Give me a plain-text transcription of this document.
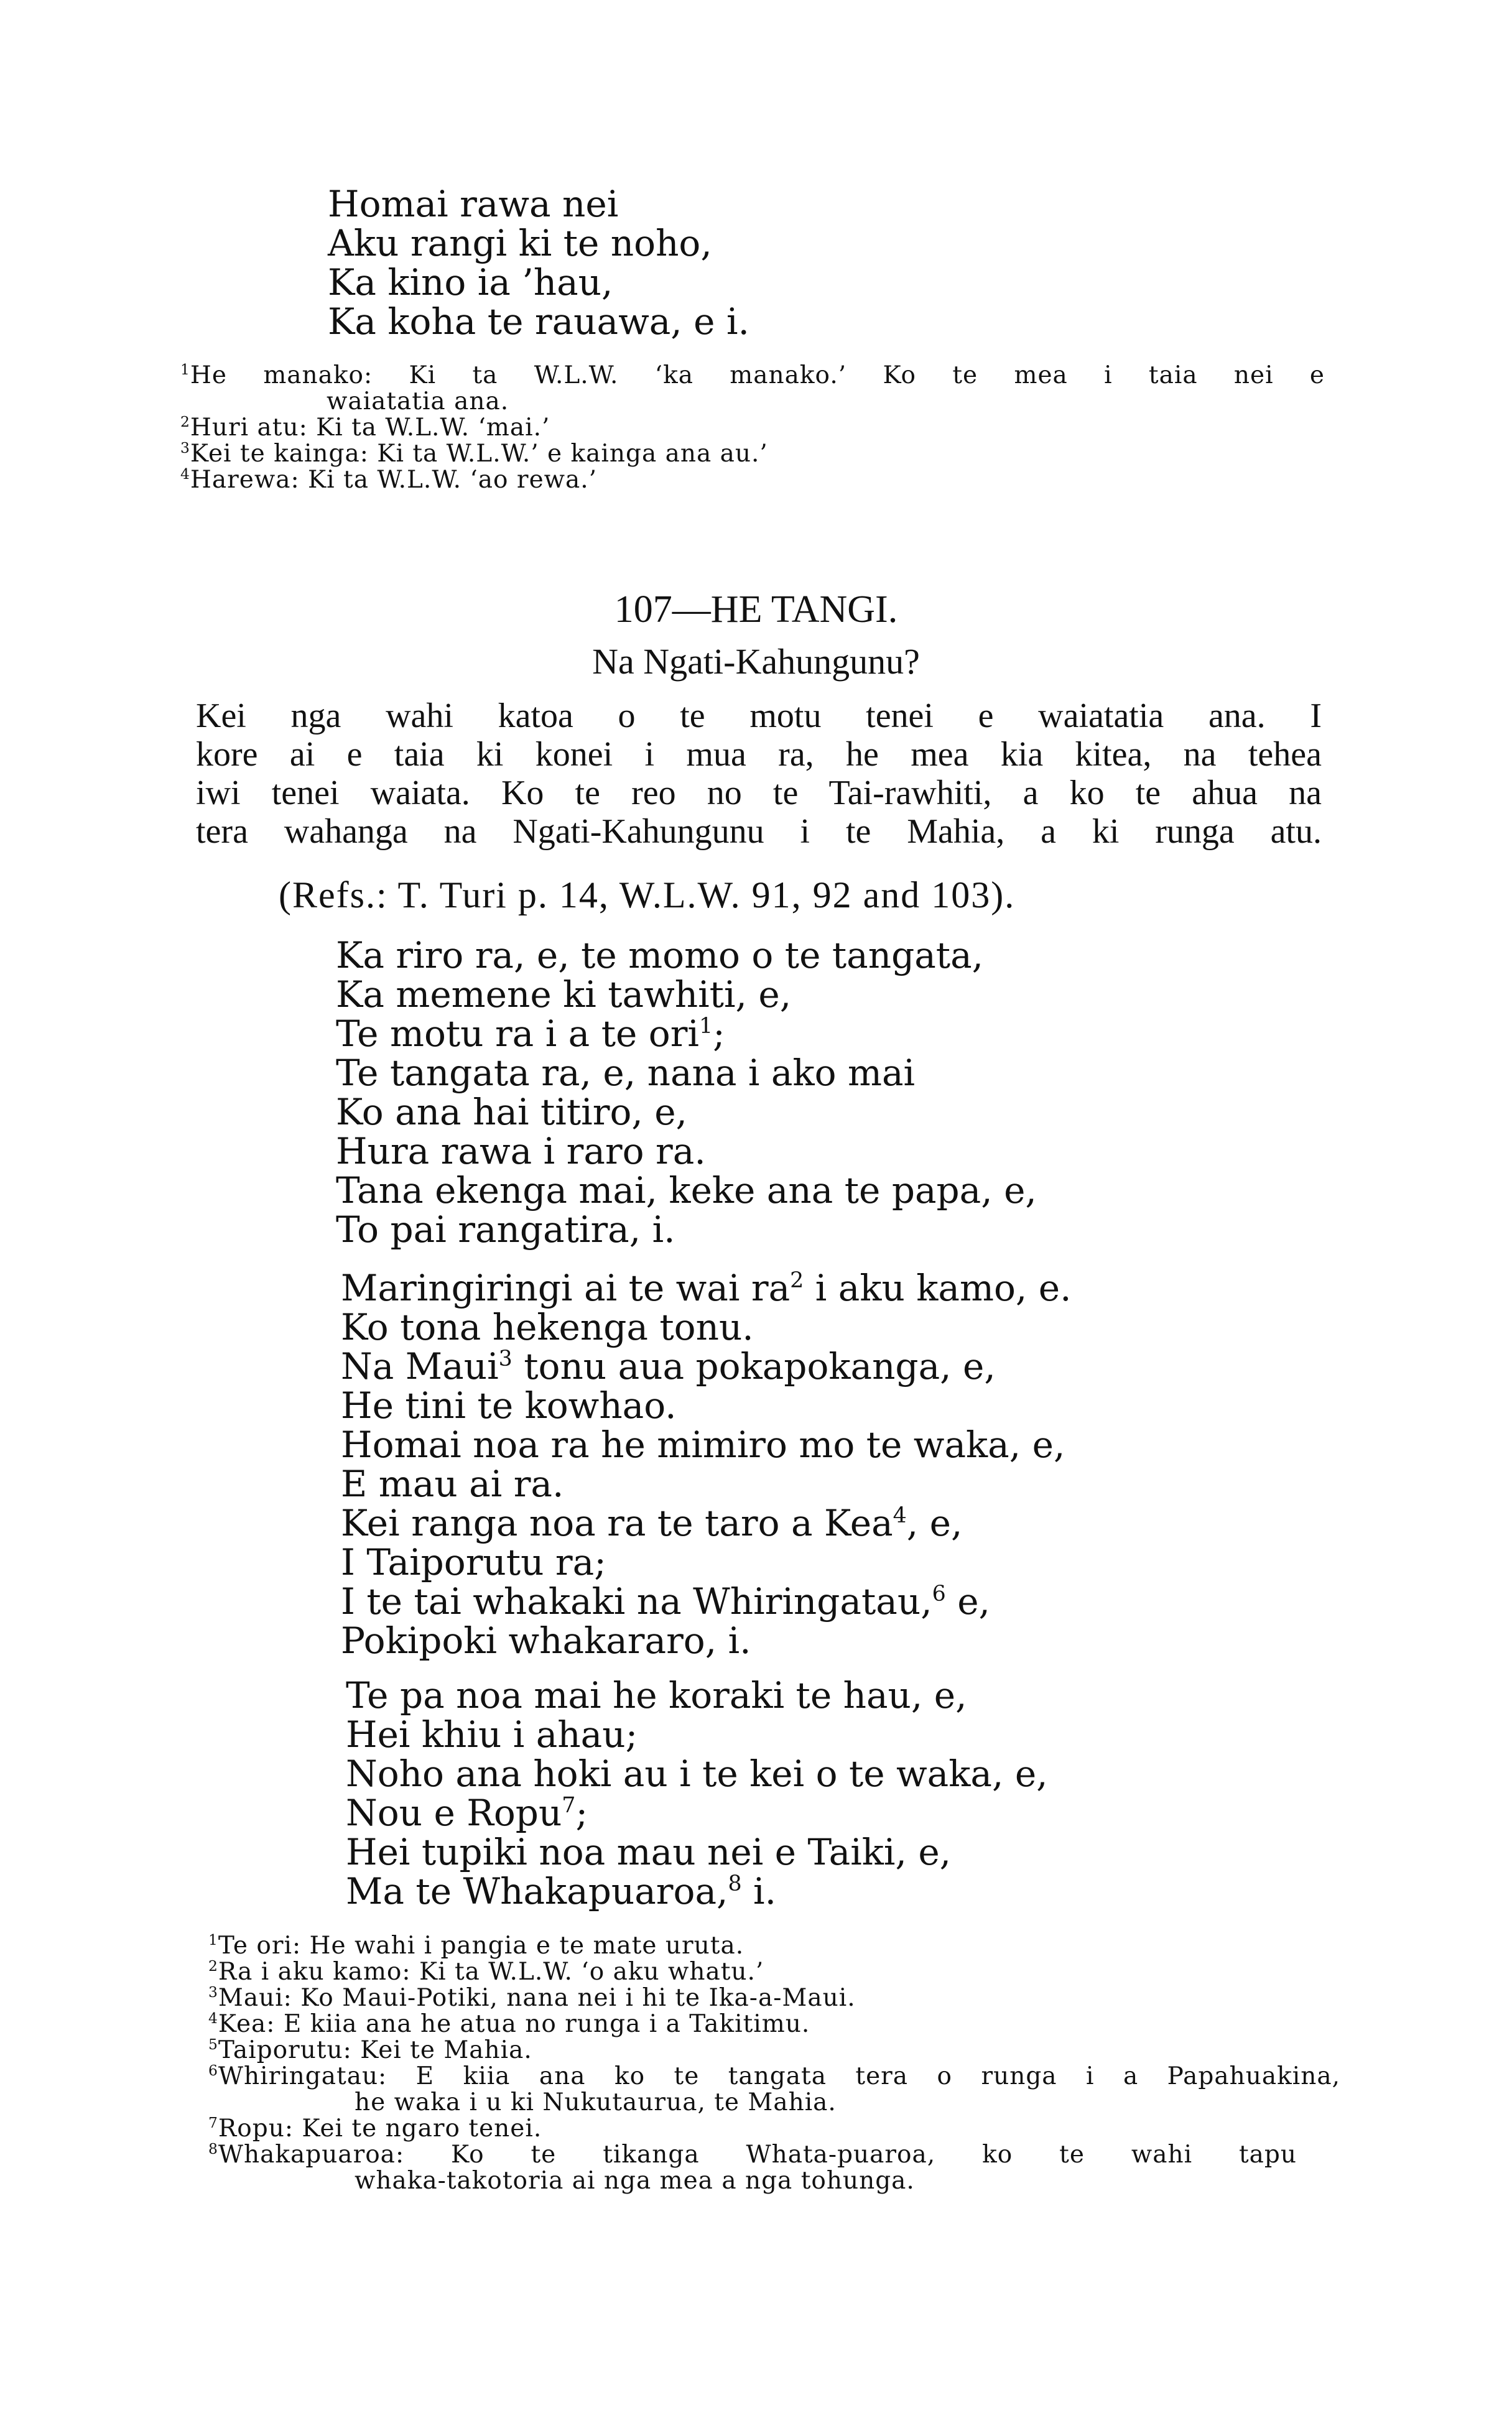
Homai rawa nei
Aku rangi ki te noho,
Ka kino ia ’hau,
Ka koha te rauawa, e i.
$^1$He manako: Ki ta W.L.W. ‘ka manako.’ Ko te mea i taia nei e
waiatatia ana.
$^2$Huri atu: Ki ta W.L.W. ‘mai.’
$^3$Kei te kainga: Ki ta W.L.W.’ e kainga ana au.’
$^4$Harewa: Ki ta W.L.W. ‘ao rewa.’
107—HE TANGI.
Na Ngati-Kahungunu?
Kei nga wahi katoa o te motu tenei e waiatatia ana. I
kore ai e taia ki konei i mua ra, he mea kia kitea, na tehea
iwi tenei waiata. Ko te reo no te Tai-rawhiti, a ko te ahua na
tera wahanga na Ngati-Kahungunu i te Mahia, a ki runga atu.
(Refs.: T. Turi p. 14, W.L.W. 91, 92 and 103).
Ka riro ra, e, te momo o te tangata,
Ka memene ki tawhiti, e,
Te motu ra i a te ori$^1$;
Te tangata ra, e, nana i ako mai
Ko ana hai titiro, e,
Hura rawa i raro ra.
Tana ekenga mai, keke ana te papa, e,
To pai rangatira, i.
Maringiringi ai te wai $ra^2$ i aku kamo, e.
Ko tona hekenga tonu.
Na Maui$^3$ tonu aua pokapokanga, e,
He tini te kowhao.
Homai noa ra he mimiro mo te waka, e,
E mau ai ra.
Kei ranga noa ra te taro a Kea$^4$, e,
I Taiporutu ra;
I te tai whakaki na Whiringatau,$^6$ e,
Pokipoki whakararo, i.
Te pa noa mai he koraki te hau, e,
Hei khiu i ahau;
Noho ana hoki au i te kei o te waka, e,
Nou e Ropu$^7$;
Hei tupiki noa mau nei e Taiki, e,
Ma te Whakapuaroa,$^8$ i.
$^1$Te ori: He wahi i pangia e te mate uruta.
$^2$Ra i aku kamo: Ki ta W.L.W. ‘o aku whatu.’
$^3$Maui: Ko Maui-Potiki, nana nei i hi te Ika-a-Maui.
$^4$Kea: E kiia ana he atua no runga i a Takitimu.
$^5$Taiporutu: Kei te Mahia.
$^6$Whiringatau: E kiia ana ko te tangata tera o runga i a Papahuakina,
he waka i u ki Nukutaurua, te Mahia.
$^7$Ropu: Kei te ngaro tenei.
$^8$Whakapuaroa: Ko te tikanga Whata-puaroa, ko te wahi tapu
whaka-takotoria ai nga mea a nga tohunga.
